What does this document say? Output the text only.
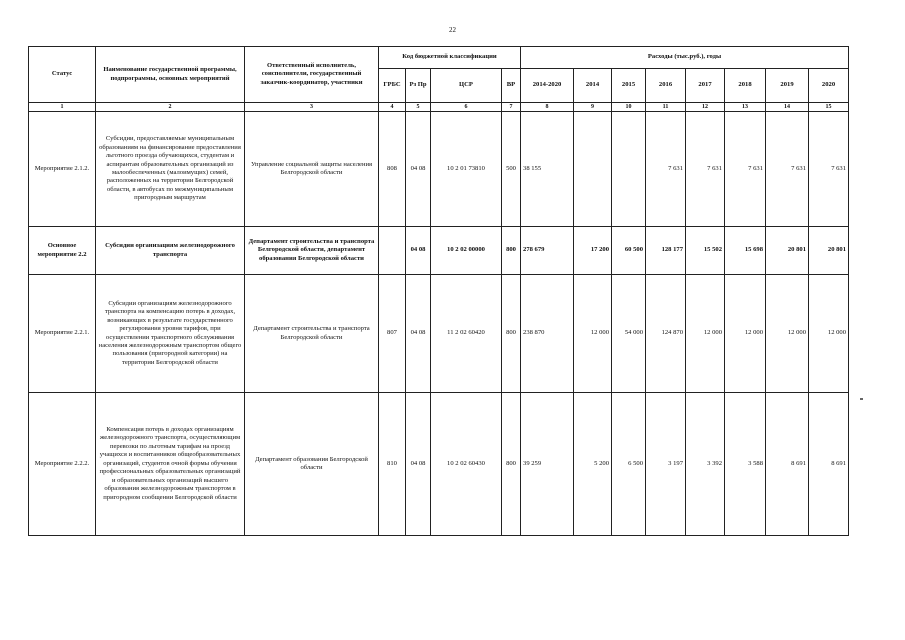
22
Статус	Наименование государственной программы, подпрограммы, основных мероприятий	Ответственный исполнитель, соисполнители, государственный заказчик-координатор, участники	Код бюджетной классификации				Расходы (тыс.руб.), годы							
			ГРБС	Рз Пр	ЦСР	ВР	2014-2020	2014	2015	2016	2017	2018	2019	2020
1	2	3	4	5	6	7	8	9	10	11	12	13	14	15
Мероприятие 2.1.2.	Субсидии, предоставляемые муниципальным образованиям на финансирование предоставления льготного проезда обучающихся, студентам и аспирантам образовательных организаций из малообеспеченных (малоимущих) семей, расположенных на территории Белгородской области, в автобусах по межмуниципальным пригородным маршрутам	Управление социальной защиты населения Белгородской области	808	04 08	10 2 01 73810	500	38 155			7 631	7 631	7 631	7 631	7 631
Основное мероприятие 2.2	Субсидии организациям железнодорожного транспорта	Департамент строительства и транспорта Белгородской области, департамент образования Белгородской области		04 08	10 2 02 00000	800	278 679	17 200	60 500	128 177	15 502	15 698	20 801	20 801
Мероприятие 2.2.1.	Субсидии организациям железнодорожного транспорта на компенсацию потерь в доходах, возникающих в результате государственного регулирования уровня тарифов, при осуществлении транспортного обслуживания населения железнодорожным транспортом общего пользования (пригородной категории) на территории Белгородской области	Департамент строительства и транспорта Белгородской области	807	04 08	11 2 02 60420	800	238 870	12 000	54 000	124 870	12 000	12 000	12 000	12 000
Мероприятие 2.2.2.	Компенсация потерь в доходах организациям железнодорожного транспорта, осуществляющим перевозки по льготным тарифам на проезд учащихся и воспитанников общеобразовательных организаций, студентов очной формы обучения профессиональных образовательных организаций и образовательных организаций высшего образования железнодорожным транспортом в пригородном сообщении Белгородской области	Департамент образования Белгородской области	810	04 08	10 2 02 60430	800	39 259	5 200	6 500	3 197	3 392	3 588	8 691	8 691
